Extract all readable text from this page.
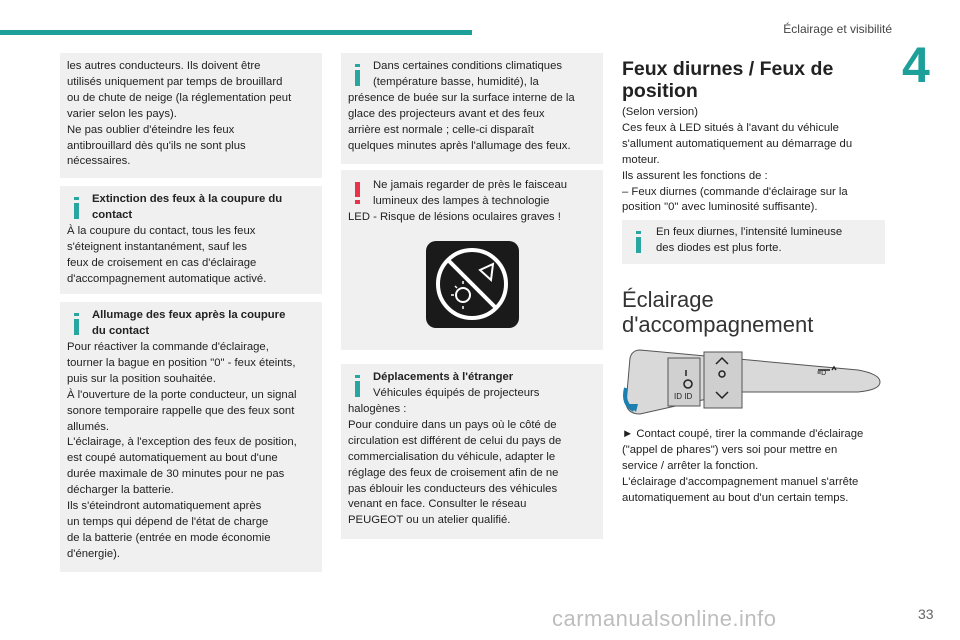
Éclairage et visibilité
4
les autres conducteurs. Ils doivent être
utilisés uniquement par temps de brouillard
ou de chute de neige (la réglementation peut
varier selon les pays).
Ne pas oublier d'éteindre les feux
antibrouillard dès qu'ils ne sont plus
nécessaires.
Extinction des feux à la coupure du
contact
À la coupure du contact, tous les feux
s'éteignent instantanément, sauf les
feux de croisement en cas d'éclairage
d'accompagnement automatique activé.
Allumage des feux après la coupure
du contact
Pour réactiver la commande d'éclairage,
tourner la bague en position "0" - feux éteints,
puis sur la position souhaitée.
À l'ouverture de la porte conducteur, un signal
sonore temporaire rappelle que des feux sont
allumés.
L'éclairage, à l'exception des feux de position,
est coupé automatiquement au bout d'une
durée maximale de 30 minutes pour ne pas
décharger la batterie.
Ils s'éteindront automatiquement après
un temps qui dépend de l'état de charge
de la batterie (entrée en mode économie
d'énergie).
Dans certaines conditions climatiques
(température basse, humidité), la
présence de buée sur la surface interne de la
glace des projecteurs avant et des feux
arrière est normale ; celle-ci disparaît
quelques minutes après l'allumage des feux.
Ne jamais regarder de près le faisceau
lumineux des lampes à technologie
LED - Risque de lésions oculaires graves !
Déplacements à l'étranger
Véhicules équipés de projecteurs
halogènes :
Pour conduire dans un pays où le côté de
circulation est différent de celui du pays de
commercialisation du véhicule, adapter le
réglage des feux de croisement afin de ne
pas éblouir les conducteurs des véhicules
venant en face. Consulter le réseau
PEUGEOT ou un atelier qualifié.
Feux diurnes / Feux de
position
(Selon version)
Ces feux à LED situés à l'avant du véhicule
s'allument automatiquement au démarrage du
moteur.
Ils assurent les fonctions de :
– Feux diurnes (commande d'éclairage sur la
position "0" avec luminosité suffisante).
En feux diurnes, l'intensité lumineuse
des diodes est plus forte.
Éclairage
d'accompagnement
ID ID
≡D
► Contact coupé, tirer la commande d'éclairage
("appel de phares") vers soi pour mettre en
service / arrêter la fonction.
L'éclairage d'accompagnement manuel s'arrête
automatiquement au bout d'un certain temps.
carmanualsonline.info	33
